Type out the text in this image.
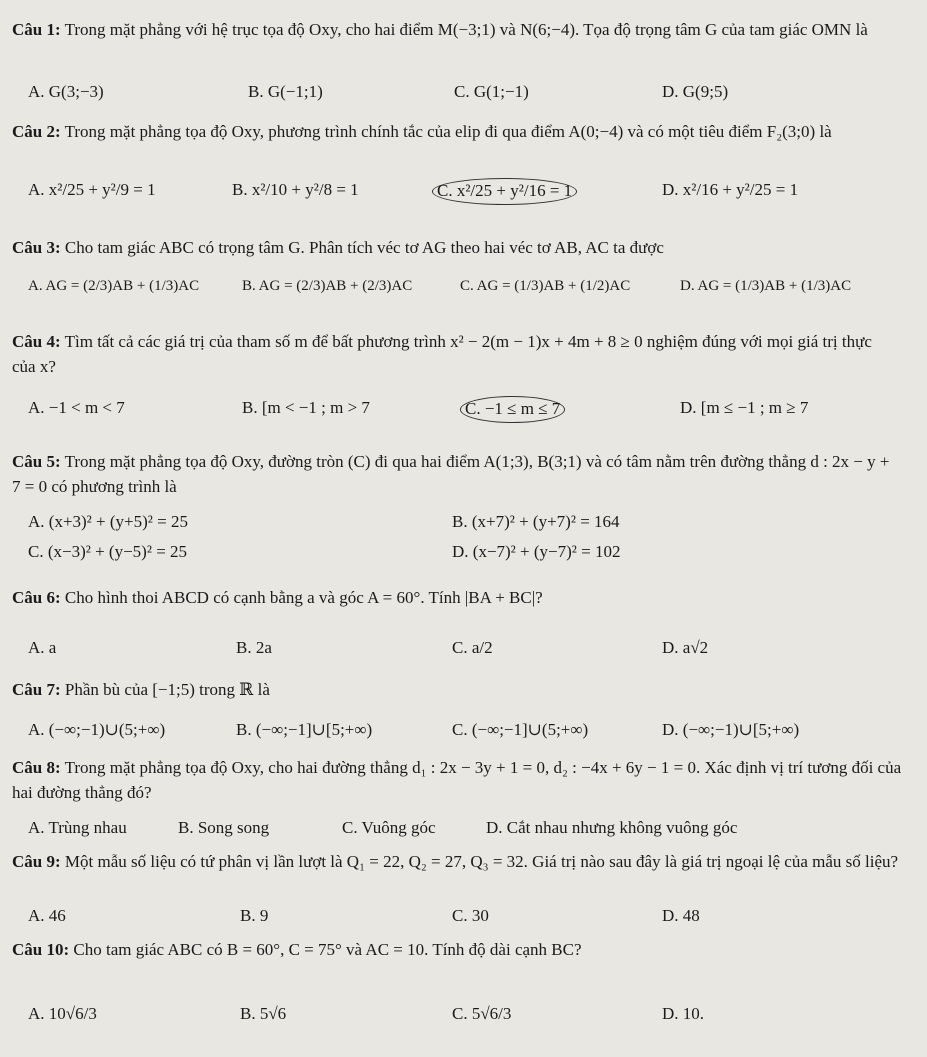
Câu 1: Trong mặt phẳng với hệ trục tọa độ Oxy, cho hai điểm M(−3;1) và N(6;−4). Tọa độ trọng tâm G của tam giác OMN là

A. G(3;−3)	B. G(−1;1)	C. G(1;−1)	D. G(9;5)

Câu 2: Trong mặt phẳng tọa độ Oxy, phương trình chính tắc của elip đi qua điểm A(0;−4) và có một tiêu điểm F₂(3;0) là

A. x²/25 + y²/9 = 1	B. x²/10 + y²/8 = 1	C. x²/25 + y²/16 = 1	D. x²/16 + y²/25 = 1

Câu 3: Cho tam giác ABC có trọng tâm G. Phân tích véc tơ AG theo hai véc tơ AB, AC ta được

A. AG = (2/3)AB + (1/3)AC	B. AG = (2/3)AB + (2/3)AC	C. AG = (1/3)AB + (1/2)AC	D. AG = (1/3)AB + (1/3)AC

Câu 4: Tìm tất cả các giá trị của tham số m để bất phương trình x² − 2(m − 1)x + 4m + 8 ≥ 0 nghiệm đúng với mọi giá trị thực của x?

A. −1 < m < 7	B. [m < −1 ; m > 7	C. −1 ≤ m ≤ 7	D. [m ≤ −1 ; m ≥ 7

Câu 5: Trong mặt phẳng tọa độ Oxy, đường tròn (C) đi qua hai điểm A(1;3), B(3;1) và có tâm nằm trên đường thẳng d : 2x − y + 7 = 0 có phương trình là

A. (x+3)² + (y+5)² = 25	B. (x+7)² + (y+7)² = 164
C. (x−3)² + (y−5)² = 25	D. (x−7)² + (y−7)² = 102

Câu 6: Cho hình thoi ABCD có cạnh bằng a và góc A = 60°. Tính |BA + BC|?

A. a	B. 2a	C. a/2	D. a√2

Câu 7: Phần bù của [−1;5) trong ℝ là

A. (−∞;−1)∪(5;+∞)	B. (−∞;−1]∪[5;+∞)	C. (−∞;−1]∪(5;+∞)	D. (−∞;−1)∪[5;+∞)

Câu 8: Trong mặt phẳng tọa độ Oxy, cho hai đường thẳng d₁ : 2x − 3y + 1 = 0, d₂ : −4x + 6y − 1 = 0. Xác định vị trí tương đối của hai đường thẳng đó?

A. Trùng nhau	B. Song song	C. Vuông góc	D. Cắt nhau nhưng không vuông góc

Câu 9: Một mẫu số liệu có tứ phân vị lần lượt là Q₁ = 22, Q₂ = 27, Q₃ = 32. Giá trị nào sau đây là giá trị ngoại lệ của mẫu số liệu?

A. 46	B. 9	C. 30	D. 48

Câu 10: Cho tam giác ABC có B = 60°, C = 75° và AC = 10. Tính độ dài cạnh BC?

A. 10√6/3	B. 5√6	C. 5√6/3	D. 10.
